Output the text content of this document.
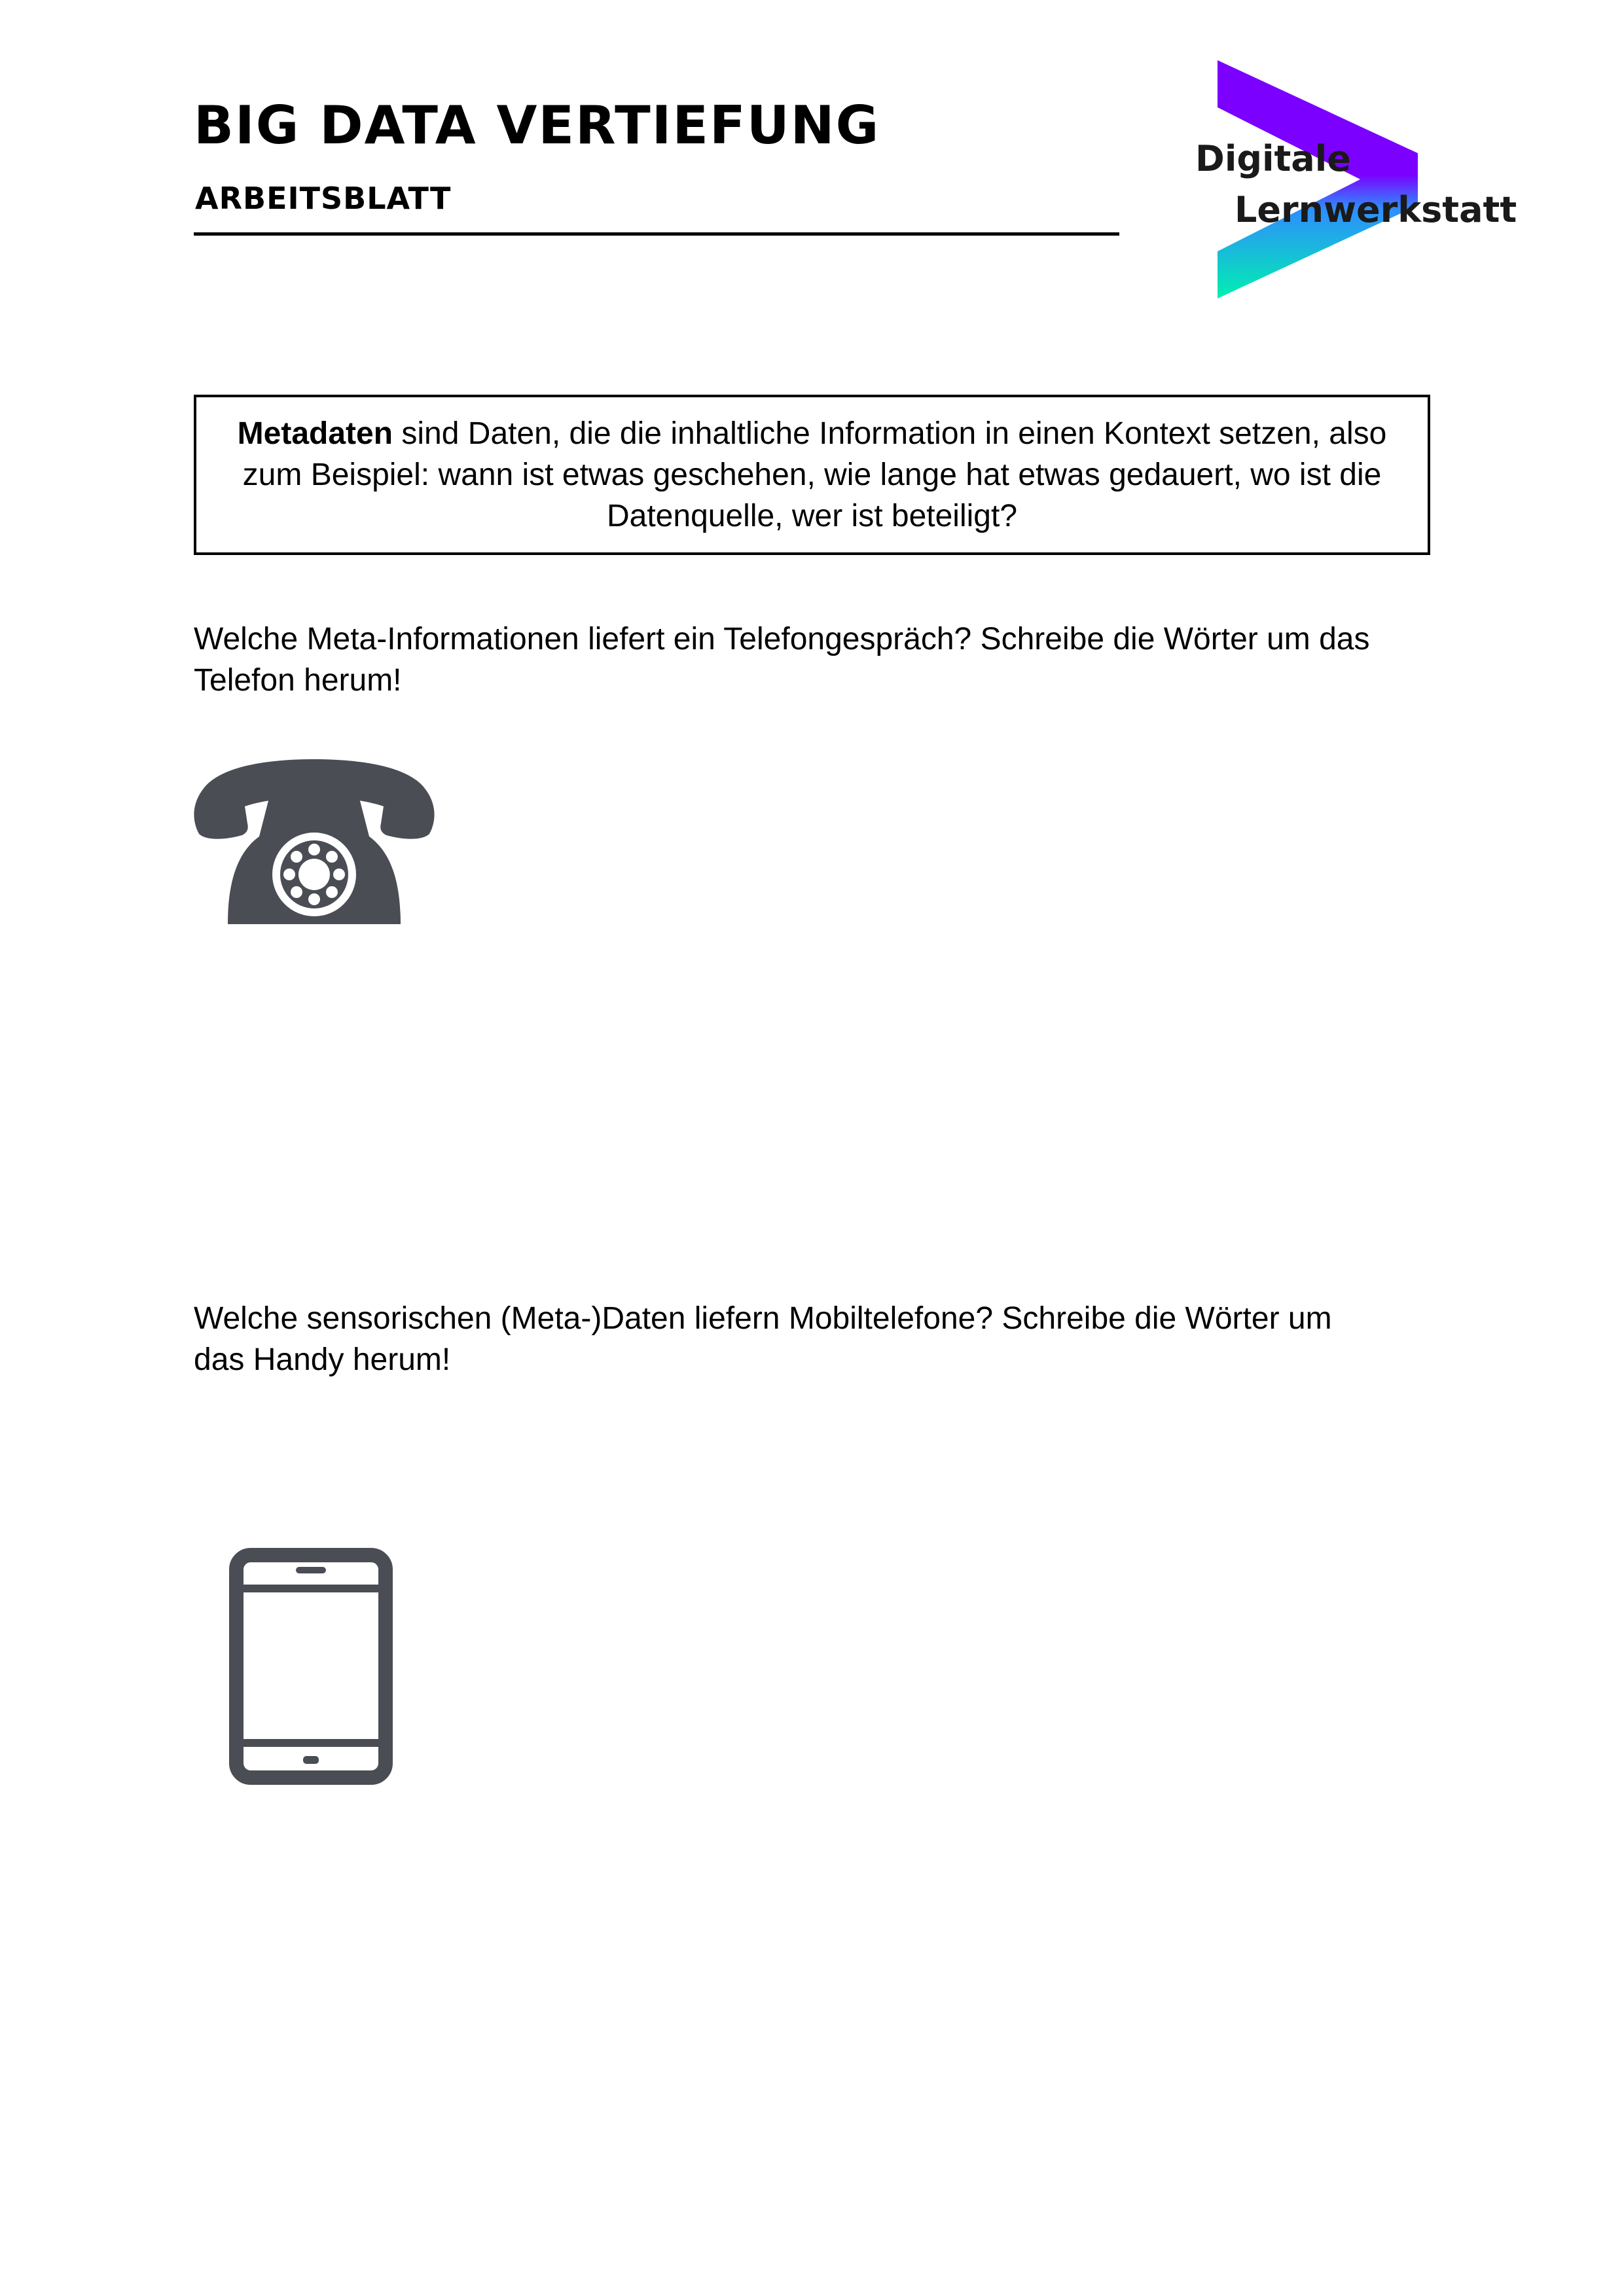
BIG DATA VERTIEFUNG
ARBEITSBLATT
Digitale
Lernwerkstatt

Metadaten sind Daten, die die inhaltliche Information in einen Kontext setzen, also zum Beispiel: wann ist etwas geschehen, wie lange hat etwas gedauert, wo ist die Datenquelle, wer ist beteiligt?

Welche Meta-Informationen liefert ein Telefongespräch? Schreibe die Wörter um das
Telefon herum!

Welche sensorischen (Meta-)Daten liefern Mobiltelefone? Schreibe die Wörter um
das Handy herum!
